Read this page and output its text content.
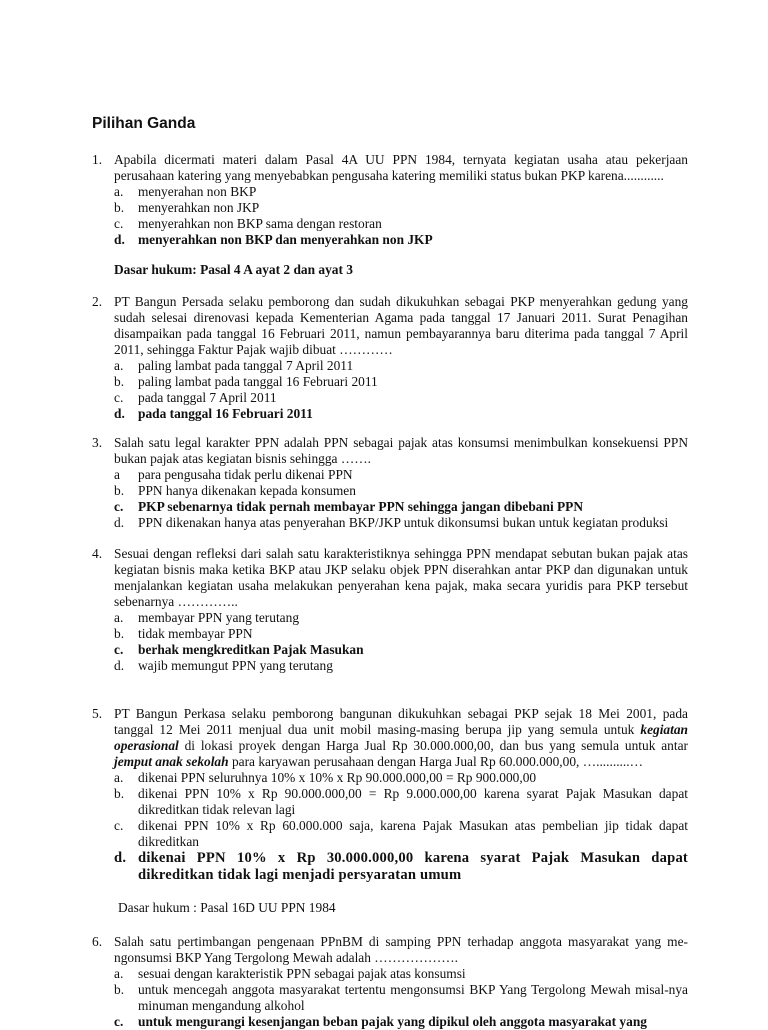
Pilihan Ganda
1. Apabila dicermati materi dalam Pasal 4A UU PPN 1984, ternyata kegiatan usaha atau pekerjaan perusahaan katering yang menyebabkan pengusaha katering memiliki status bukan PKP karena............
a. menyerahan non BKP
b. menyerahkan non JKP
c. menyerahkan non BKP sama dengan restoran
d. menyerahkan non BKP dan menyerahkan non JKP
Dasar hukum: Pasal 4 A ayat 2 dan ayat 3
2. PT Bangun Persada selaku pemborong dan sudah dikukuhkan sebagai PKP menyerahkan gedung yang sudah selesai direnovasi kepada Kementerian Agama pada tanggal 17 Januari 2011. Surat Penagihan disampaikan pada tanggal 16 Februari 2011, namun pembayarannya baru diterima pada tanggal 7 April 2011, sehingga Faktur Pajak wajib dibuat …………
a. paling lambat pada tanggal 7 April 2011
b. paling lambat pada tanggal 16 Februari 2011
c. pada tanggal 7 April 2011
d. pada tanggal 16 Februari 2011
3. Salah satu legal karakter PPN adalah PPN sebagai pajak atas konsumsi menimbulkan konsekuensi PPN bukan pajak atas kegiatan bisnis sehingga …….
a para pengusaha tidak perlu dikenai PPN
b. PPN hanya dikenakan kepada konsumen
c. PKP sebenarnya tidak pernah membayar PPN sehingga jangan dibebani PPN
d. PPN dikenakan hanya atas penyerahan BKP/JKP untuk dikonsumsi bukan untuk kegiatan produksi
4. Sesuai dengan refleksi dari salah satu karakteristiknya sehingga PPN mendapat sebutan bukan pajak atas kegiatan bisnis maka ketika BKP atau JKP selaku objek PPN diserahkan antar PKP dan digunakan untuk menjalankan kegiatan usaha melakukan penyerahan kena pajak, maka secara yuridis para PKP tersebut sebenarnya …………..
a. membayar PPN yang terutang
b. tidak membayar PPN
c. berhak mengkreditkan Pajak Masukan
d. wajib memungut PPN yang terutang
5. PT Bangun Perkasa selaku pemborong bangunan dikukuhkan sebagai PKP sejak 18 Mei 2001, pada tanggal 12 Mei 2011 menjual dua unit mobil masing-masing berupa jip yang semula untuk kegiatan operasional di lokasi proyek dengan Harga Jual Rp 30.000.000,00, dan bus yang semula untuk antar jemput anak sekolah para karyawan perusahaan dengan Harga Jual Rp 60.000.000,00, …..........…
a. dikenai PPN seluruhnya 10% x 10% x Rp 90.000.000,00 = Rp 900.000,00
b. dikenai PPN 10% x Rp 90.000.000,00 = Rp 9.000.000,00 karena syarat Pajak Masukan dapat dikreditkan tidak relevan lagi
c. dikenai PPN 10% x Rp 60.000.000 saja, karena Pajak Masukan atas pembelian jip tidak dapat dikreditkan
d. dikenai PPN 10% x Rp 30.000.000,00 karena syarat Pajak Masukan dapat dikreditkan tidak lagi menjadi persyaratan umum
Dasar hukum : Pasal 16D UU PPN 1984
6. Salah satu pertimbangan pengenaan PPnBM di samping PPN terhadap anggota masyarakat yang me-ngonsumsi BKP Yang Tergolong Mewah adalah ……………….
a. sesuai dengan karakteristik PPN sebagai pajak atas konsumsi
b. untuk mencegah anggota masyarakat tertentu mengonsumsi BKP Yang Tergolong Mewah misal-nya minuman mengandung alkohol
c. untuk mengurangi kesenjangan beban pajak yang dipikul oleh anggota masyarakat yang
